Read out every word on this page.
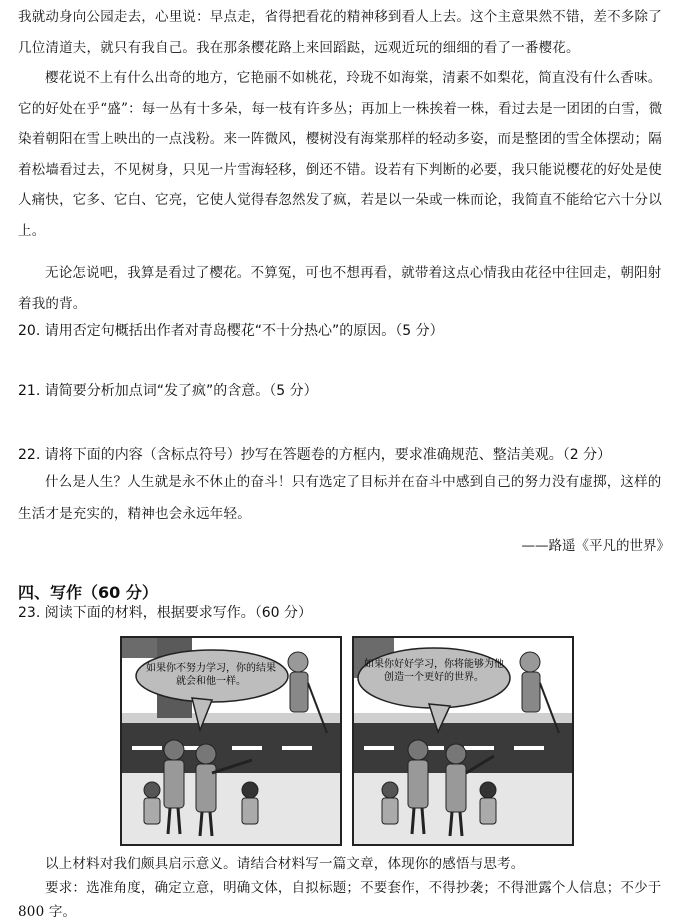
我就动身向公园走去，心里说：早点走，省得把看花的精神移到看人上去。这个主意果然不错，差不多除了几位清道夫，就只有我自己。我在那条樱花路上来回蹈跶，远观近玩的细细的看了一番樱花。
樱花说不上有什么出奇的地方，它艳丽不如桃花，玲珑不如海棠，清素不如梨花，简直没有什么香味。它的好处在乎“盛”：每一丛有十多朵，每一枝有许多丛；再加上一株挨着一株，看过去是一团团的白雪，微染着朝阳在雪上映出的一点浅粉。来一阵微风，樱树没有海棠那样的轻动多姿，而是整团的雪全体摆动；隔着松墙看过去，不见树身，只见一片雪海轻移，倒还不错。设若有下判断的必要，我只能说樱花的好处是使人痛快，它多、它白、它亮，它使人觉得春忽然发了疯，若是以一朵或一株而论，我简直不能给它六十分以上。
无论怎说吧，我算是看过了樱花。不算冤，可也不想再看，就带着这点心情我由花径中往回走，朝阳射着我的背。
20. 请用否定句概括出作者对青岛樱花“不十分热心”的原因。（5 分）
21. 请简要分析加点词“发了疯”的含意。（5 分）
22. 请将下面的内容（含标点符号）抄写在答题卷的方框内，要求准确规范、整洁美观。（2 分）
什么是人生？人生就是永不休止的奋斗！只有选定了目标并在奋斗中感到自己的努力没有虚掷，这样的生活才是充实的，精神也会永远年轻。
——路遥《平凡的世界》
四、写作（60 分）
23. 阅读下面的材料，根据要求写作。（60 分）
如果你不努力学习，你的结果就会和他一样。
如果你好好学习，你将能够为他创造一个更好的世界。
以上材料对我们颇具启示意义。请结合材料写一篇文章，体现你的感悟与思考。
要求：选准角度，确定立意，明确文体，自拟标题；不要套作，不得抄袭；不得泄露个人信息；不少于 800 字。
